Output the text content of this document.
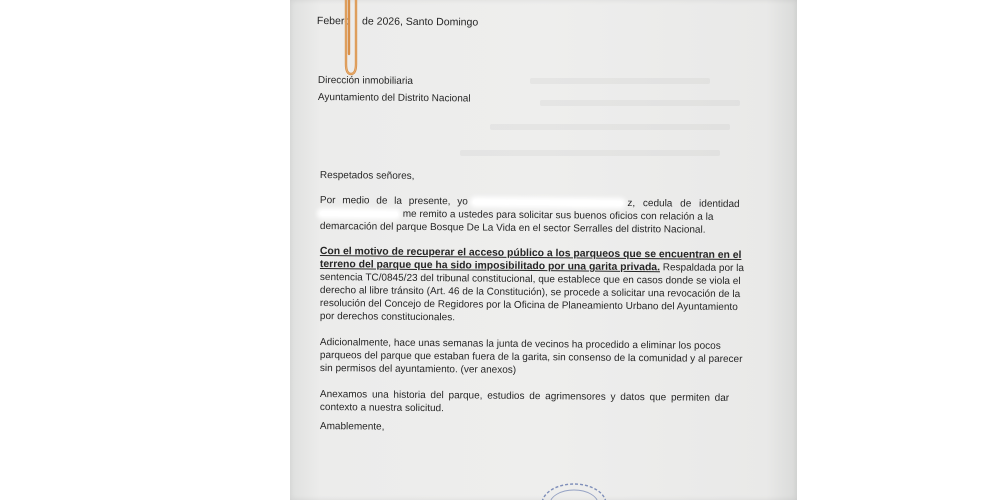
Febero  de 2026, Santo Domingo
Dirección inmobiliaria
Ayuntamiento del Distrito Nacional
Respetados señores,
Por medio de la presente, yo	z, cedula de identidad
me remito a ustedes para solicitar sus buenos oficios con relación a la
demarcación del parque Bosque De La Vida en el sector Serralles del distrito Nacional.
Con el motivo de recuperar el acceso público a los parqueos que se encuentran en el
terreno del parque que ha sido imposibilitado por una garita privada. Respaldada por la
sentencia TC/0845/23 del tribunal constitucional, que establece que en casos donde se viola el
derecho al libre tránsito (Art. 46 de la Constitución), se procede a solicitar una revocación de la
resolución del Concejo de Regidores por la Oficina de Planeamiento Urbano del Ayuntamiento
por derechos constitucionales.
Adicionalmente, hace unas semanas la junta de vecinos ha procedido a eliminar los pocos
parqueos del parque que estaban fuera de la garita, sin consenso de la comunidad y al parecer
sin permisos del ayuntamiento. (ver anexos)
Anexamos una historia del parque, estudios de agrimensores y datos que permiten dar
contexto a nuestra solicitud.
Amablemente,
